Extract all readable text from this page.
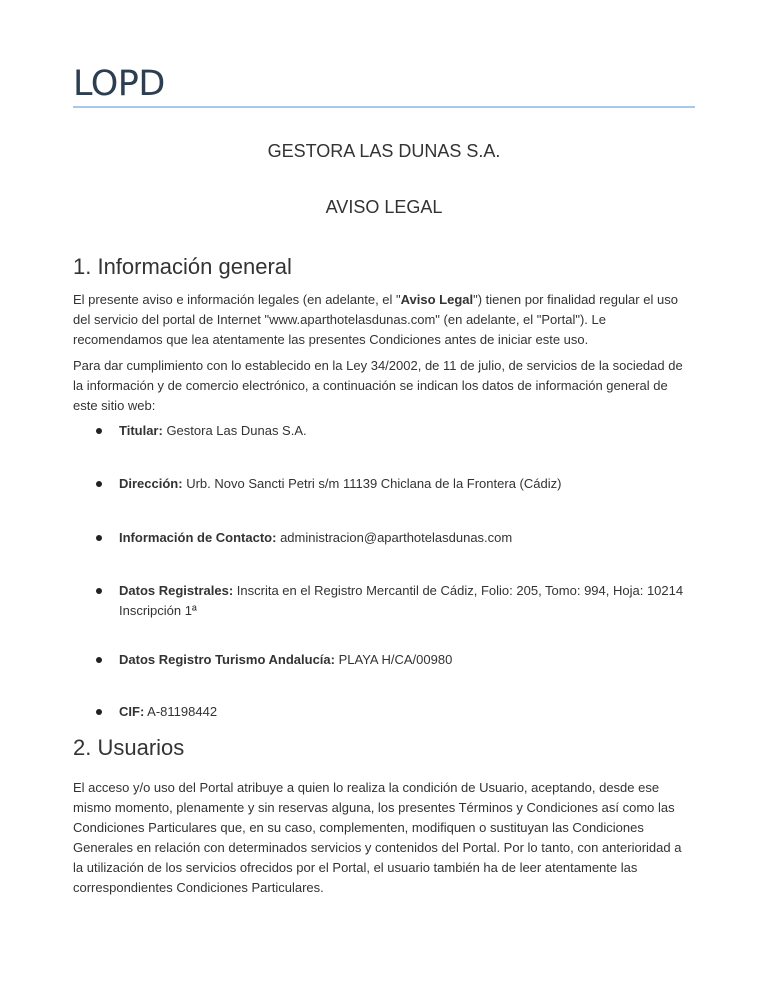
LOPD
GESTORA LAS DUNAS S.A.
AVISO LEGAL
1. Información general

El presente aviso e información legales (en adelante, el "Aviso Legal") tienen por finalidad regular el uso del servicio del portal de Internet "www.aparthotelasdunas.com" (en adelante, el "Portal"). Le recomendamos que lea atentamente las presentes Condiciones antes de iniciar este uso.

Para dar cumplimiento con lo establecido en la Ley 34/2002, de 11 de julio, de servicios de la sociedad de la información y de comercio electrónico, a continuación se indican los datos de información general de este sitio web:

Titular: Gestora Las Dunas S.A.
Dirección: Urb. Novo Sancti Petri s/m 11139 Chiclana de la Frontera (Cádiz)
Información de Contacto: administracion@aparthotelasdunas.com
Datos Registrales: Inscrita en el Registro Mercantil de Cádiz, Folio: 205, Tomo: 994, Hoja: 10214 Inscripción 1ª
Datos Registro Turismo Andalucía: PLAYA H/CA/00980
CIF: A-81198442
2. Usuarios

El acceso y/o uso del Portal atribuye a quien lo realiza la condición de Usuario, aceptando, desde ese mismo momento, plenamente y sin reservas alguna, los presentes Términos y Condiciones así como las Condiciones Particulares que, en su caso, complementen, modifiquen o sustituyan las Condiciones Generales en relación con determinados servicios y contenidos del Portal. Por lo tanto, con anterioridad a la utilización de los servicios ofrecidos por el Portal, el usuario también ha de leer atentamente las correspondientes Condiciones Particulares.
